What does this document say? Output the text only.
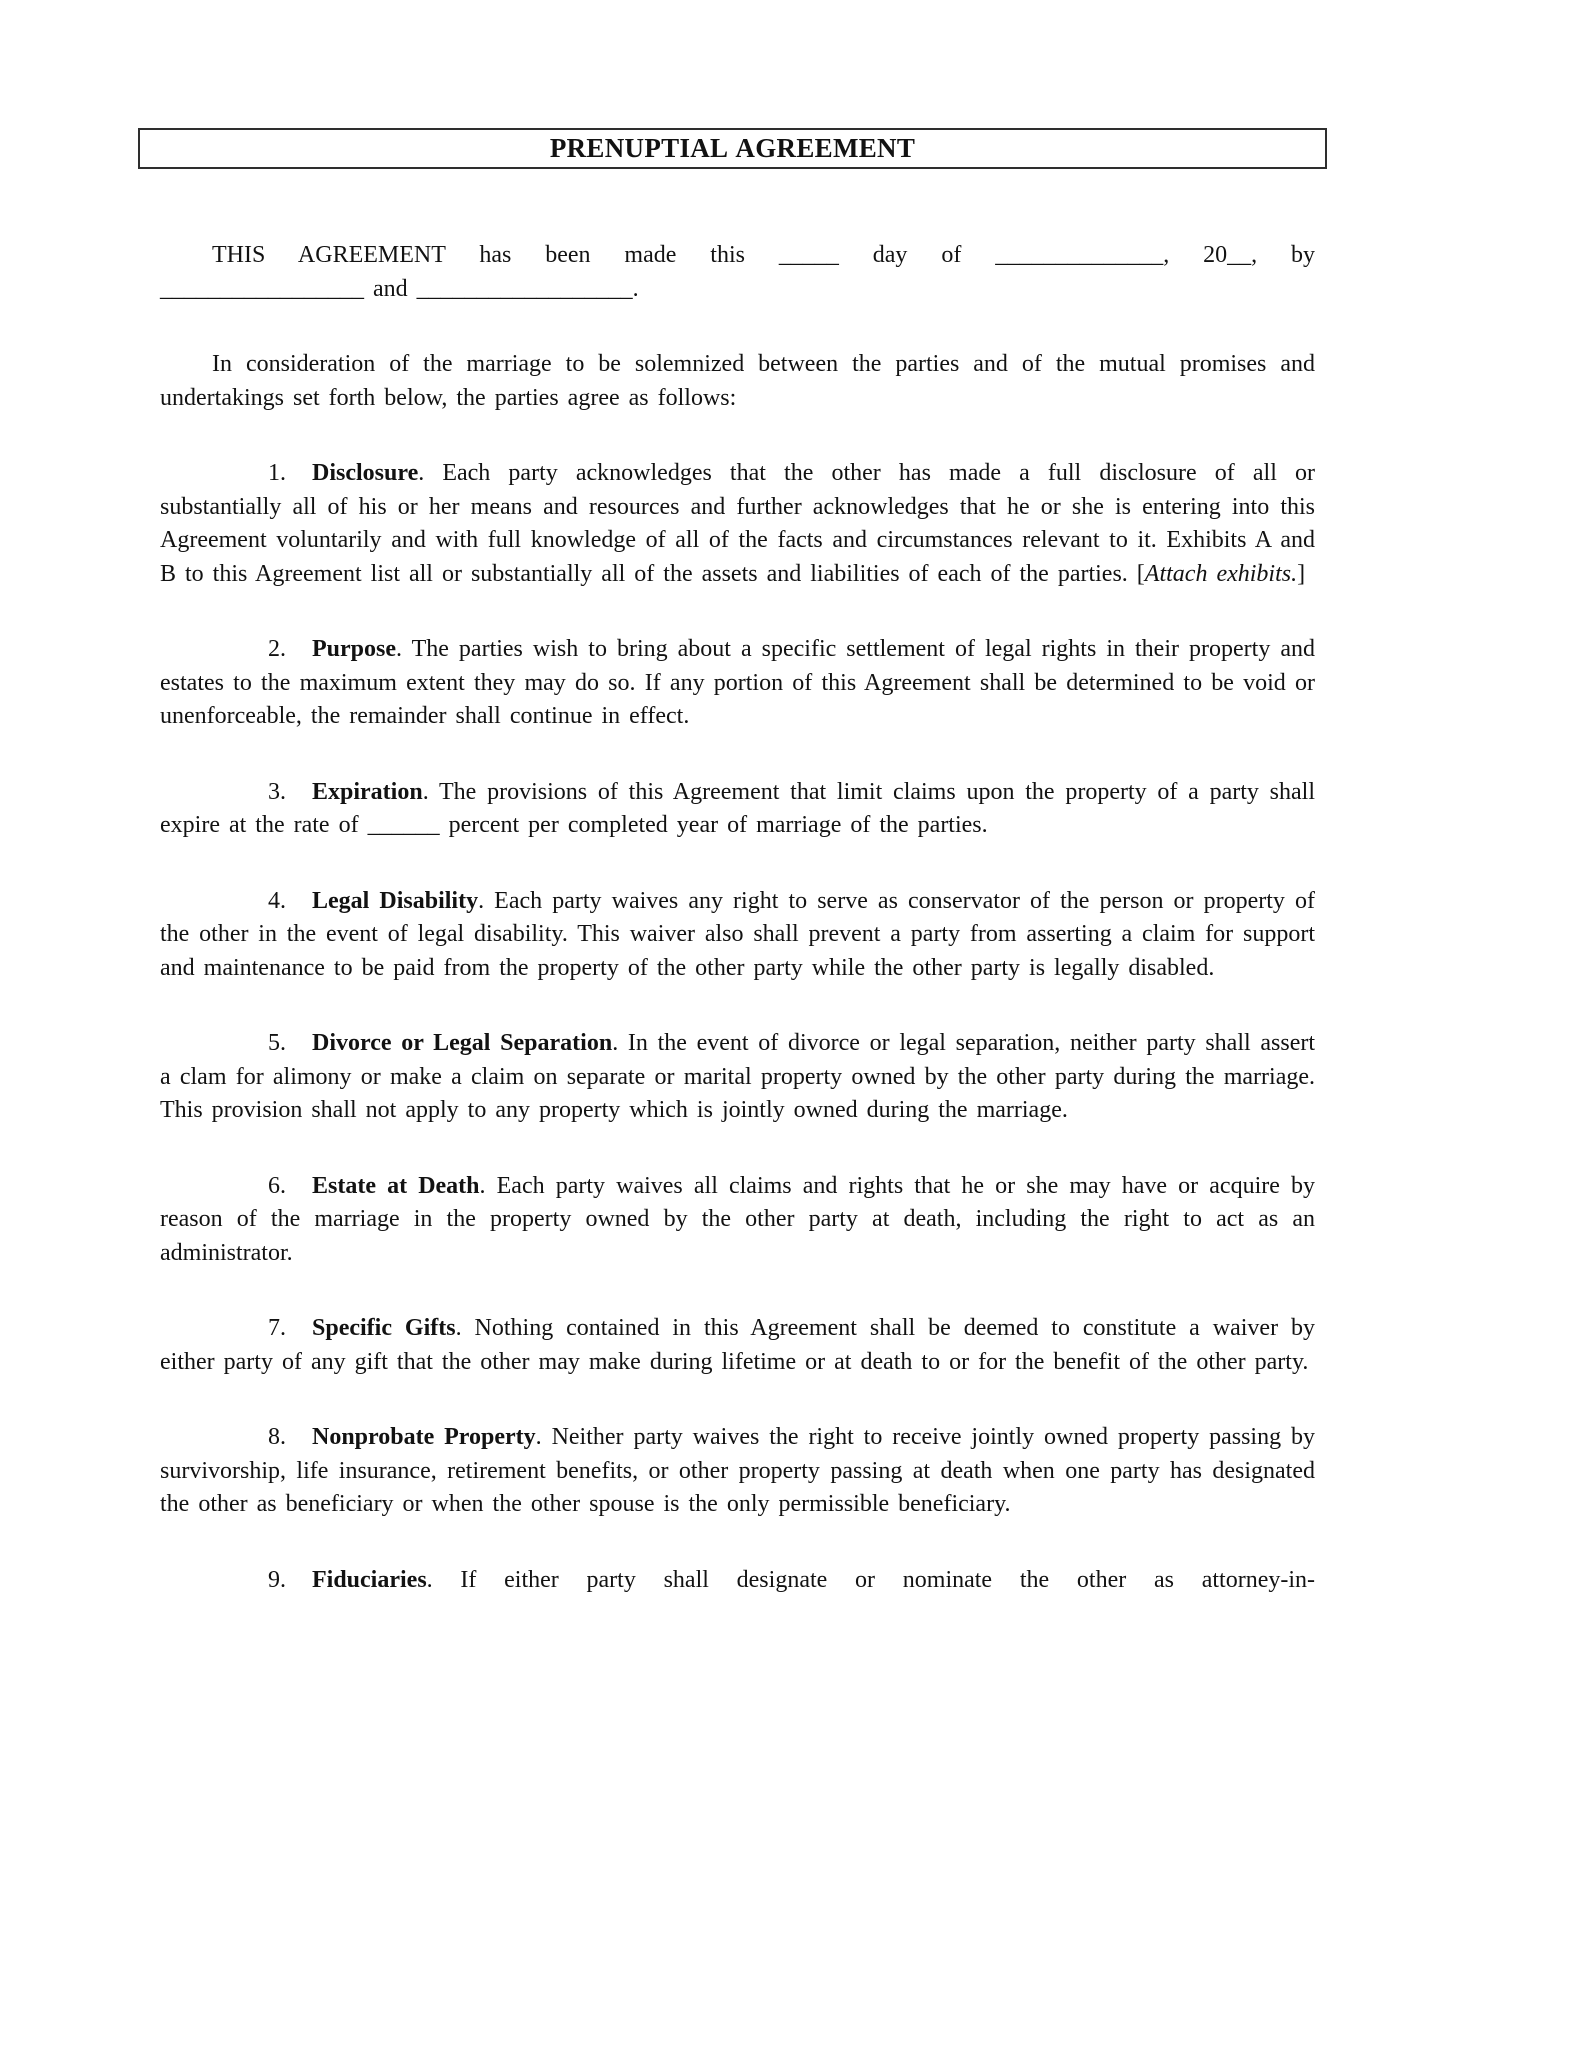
PRENUPTIAL AGREEMENT

THIS AGREEMENT has been made this _____ day of ______________, 20__, by

_________________ and __________________.

In consideration of the marriage to be solemnized between the parties and of the mutual promises and undertakings set forth below, the parties agree as follows:

1. Disclosure. Each party acknowledges that the other has made a full disclosure of all or substantially all of his or her means and resources and further acknowledges that he or she is entering into this Agreement voluntarily and with full knowledge of all of the facts and circumstances relevant to it. Exhibits A and B to this Agreement list all or substantially all of the assets and liabilities of each of the parties. [Attach exhibits.]

2. Purpose. The parties wish to bring about a specific settlement of legal rights in their property and estates to the maximum extent they may do so. If any portion of this Agreement shall be determined to be void or unenforceable, the remainder shall continue in effect.

3. Expiration. The provisions of this Agreement that limit claims upon the property of a party shall expire at the rate of ______ percent per completed year of marriage of the parties.

4. Legal Disability. Each party waives any right to serve as conservator of the person or property of the other in the event of legal disability. This waiver also shall prevent a party from asserting a claim for support and maintenance to be paid from the property of the other party while the other party is legally disabled.

5. Divorce or Legal Separation. In the event of divorce or legal separation, neither party shall assert a clam for alimony or make a claim on separate or marital property owned by the other party during the marriage. This provision shall not apply to any property which is jointly owned during the marriage.

6. Estate at Death. Each party waives all claims and rights that he or she may have or acquire by reason of the marriage in the property owned by the other party at death, including the right to act as an administrator.

7. Specific Gifts. Nothing contained in this Agreement shall be deemed to constitute a waiver by either party of any gift that the other may make during lifetime or at death to or for the benefit of the other party.

8. Nonprobate Property. Neither party waives the right to receive jointly owned property passing by survivorship, life insurance, retirement benefits, or other property passing at death when one party has designated the other as beneficiary or when the other spouse is the only permissible beneficiary.

9. Fiduciaries. If either party shall designate or nominate the other as attorney-in-
